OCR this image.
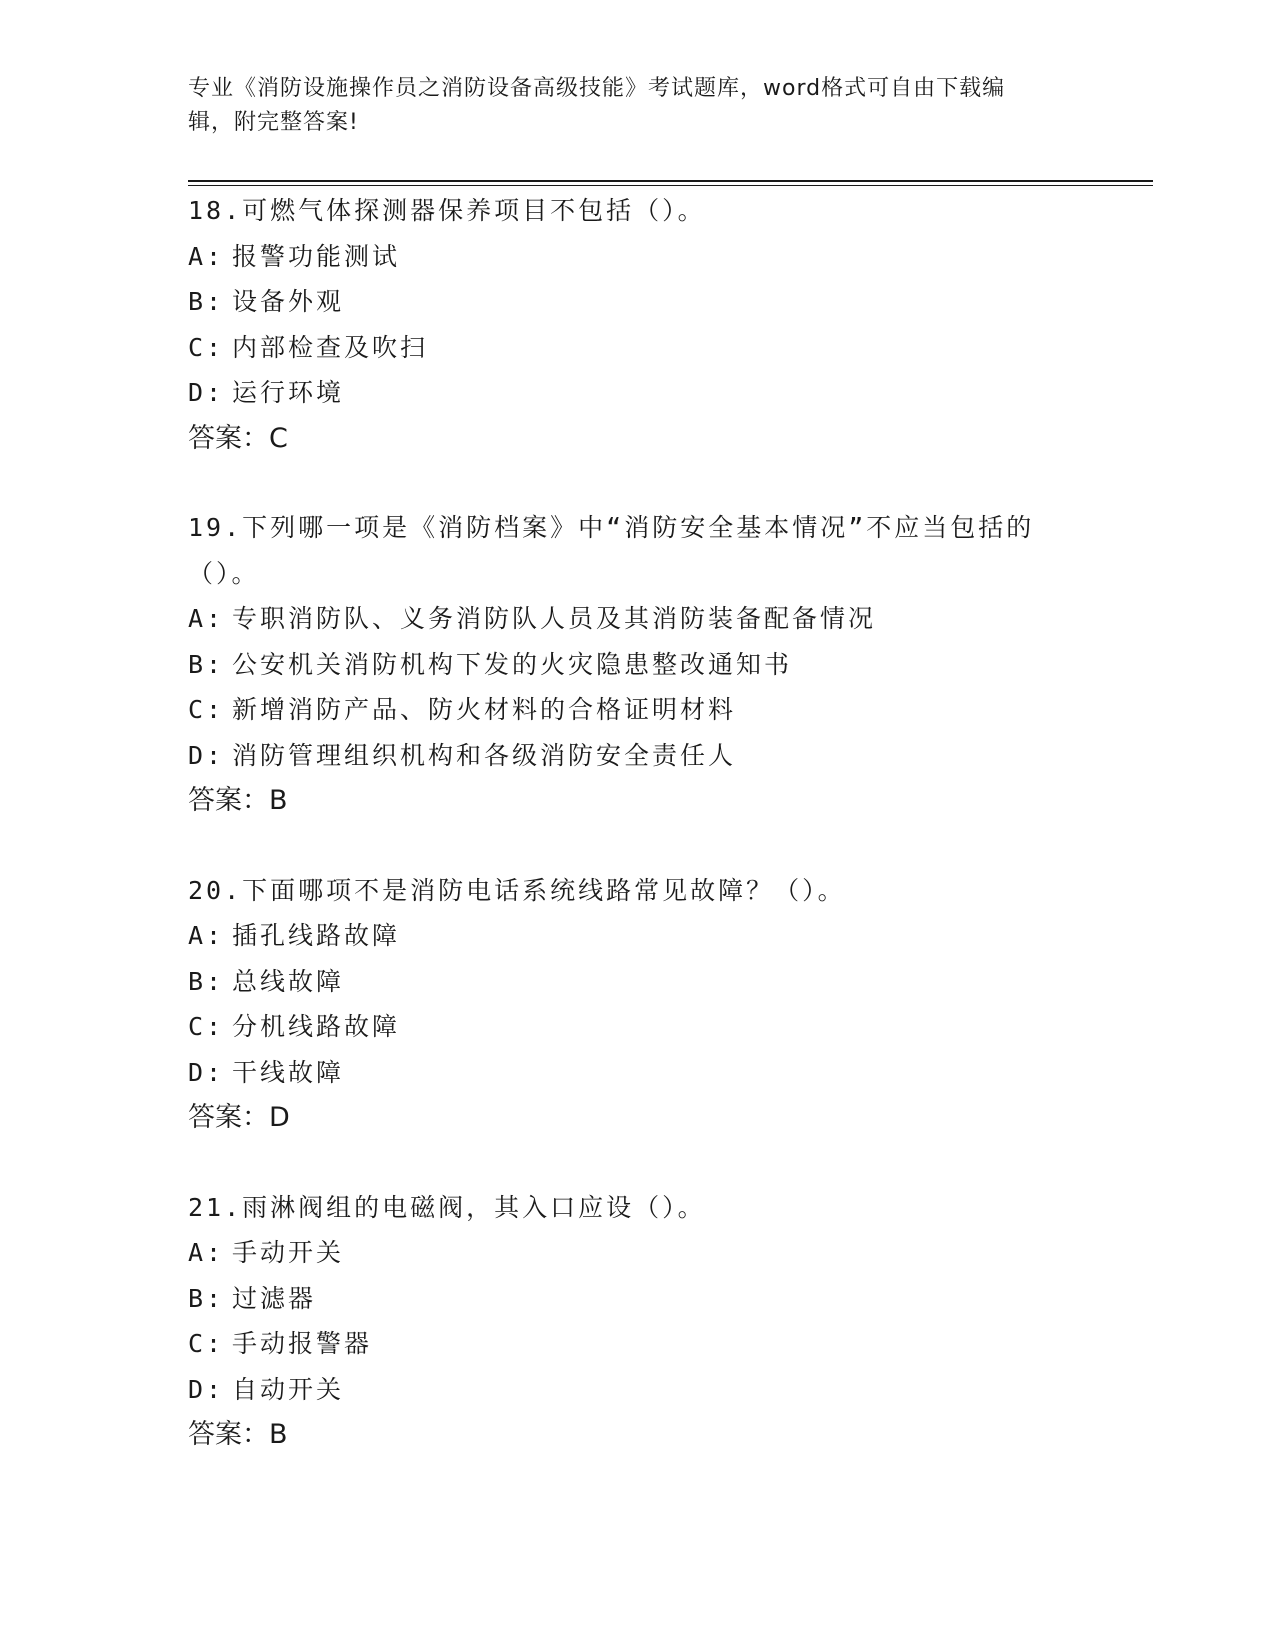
专业《消防设施操作员之消防设备高级技能》考试题库，word格式可自由下载编
辑，附完整答案!

18.可燃气体探测器保养项目不包括（）。

A: 报警功能测试

B: 设备外观

C: 内部检查及吹扫

D: 运行环境

答案：C

19.下列哪一项是《消防档案》中“消防安全基本情况”不应当包括的（）。

A: 专职消防队、义务消防队人员及其消防装备配备情况

B: 公安机关消防机构下发的火灾隐患整改通知书

C: 新增消防产品、防火材料的合格证明材料

D: 消防管理组织机构和各级消防安全责任人

答案：B

20.下面哪项不是消防电话系统线路常见故障？（）。

A: 插孔线路故障

B: 总线故障

C: 分机线路故障

D: 干线故障

答案：D

21.雨淋阀组的电磁阀，其入口应设（）。

A: 手动开关

B: 过滤器

C: 手动报警器

D: 自动开关

答案：B
